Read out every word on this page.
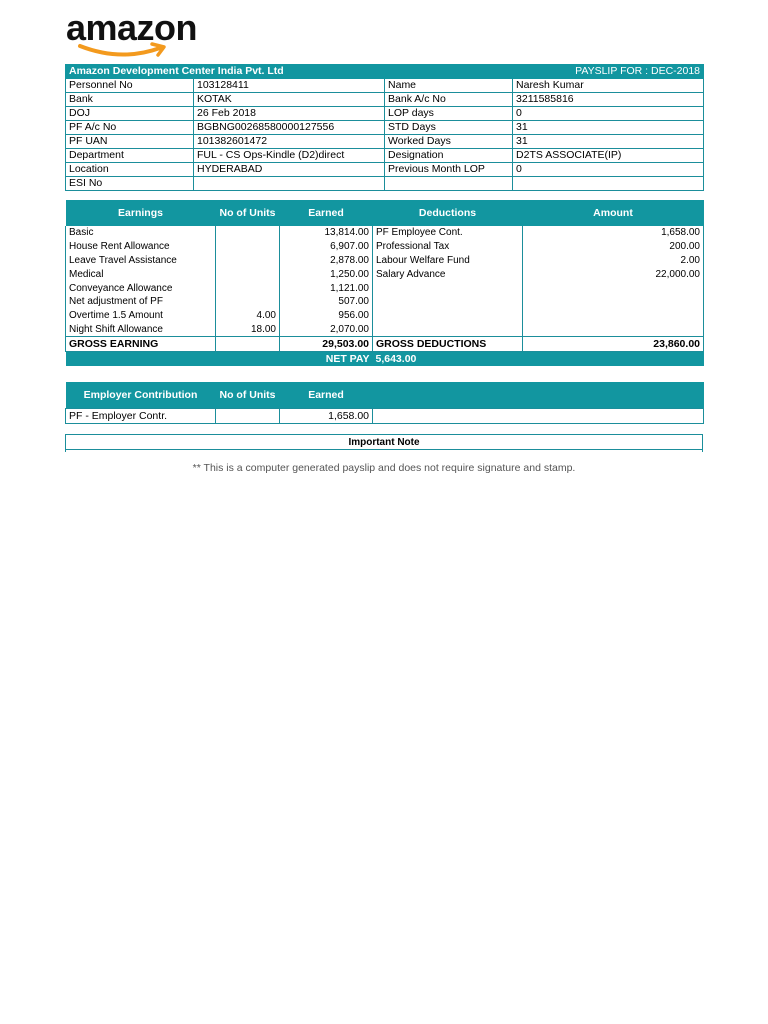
amazon
Amazon Development Center India Pvt. Ltd		PAYSLIP FOR : DEC-2018	
Personnel No	103128411	Name	Naresh Kumar
Bank	KOTAK	Bank A/c No	3211585816
DOJ	26 Feb 2018	LOP days	0
PF A/c No	BGBNG00268580000127556	STD Days	31
PF UAN	101382601472	Worked Days	31
Department	FUL - CS Ops-Kindle (D2)direct	Designation	D2TS ASSOCIATE(IP)
Location	HYDERABAD	Previous Month LOP	0
ESI No			
Earnings	No of Units	Earned	Deductions	Amount
Basic		13,814.00	PF Employee Cont.	1,658.00
House Rent Allowance		6,907.00	Professional Tax	200.00
Leave Travel Assistance		2,878.00	Labour Welfare Fund	2.00
Medical		1,250.00	Salary Advance	22,000.00
Conveyance Allowance		1,121.00		
Net adjustment of PF		507.00		
Overtime 1.5 Amount	4.00	956.00		
Night Shift Allowance	18.00	2,070.00		
GROSS EARNING		29,503.00	GROSS DEDUCTIONS	23,860.00
		NET PAY	5,643.00	
Employer Contribution	No of Units	Earned	
PF - Employer Contr.		1,658.00	
Important Note

** This is a computer generated payslip and does not require signature and stamp.
